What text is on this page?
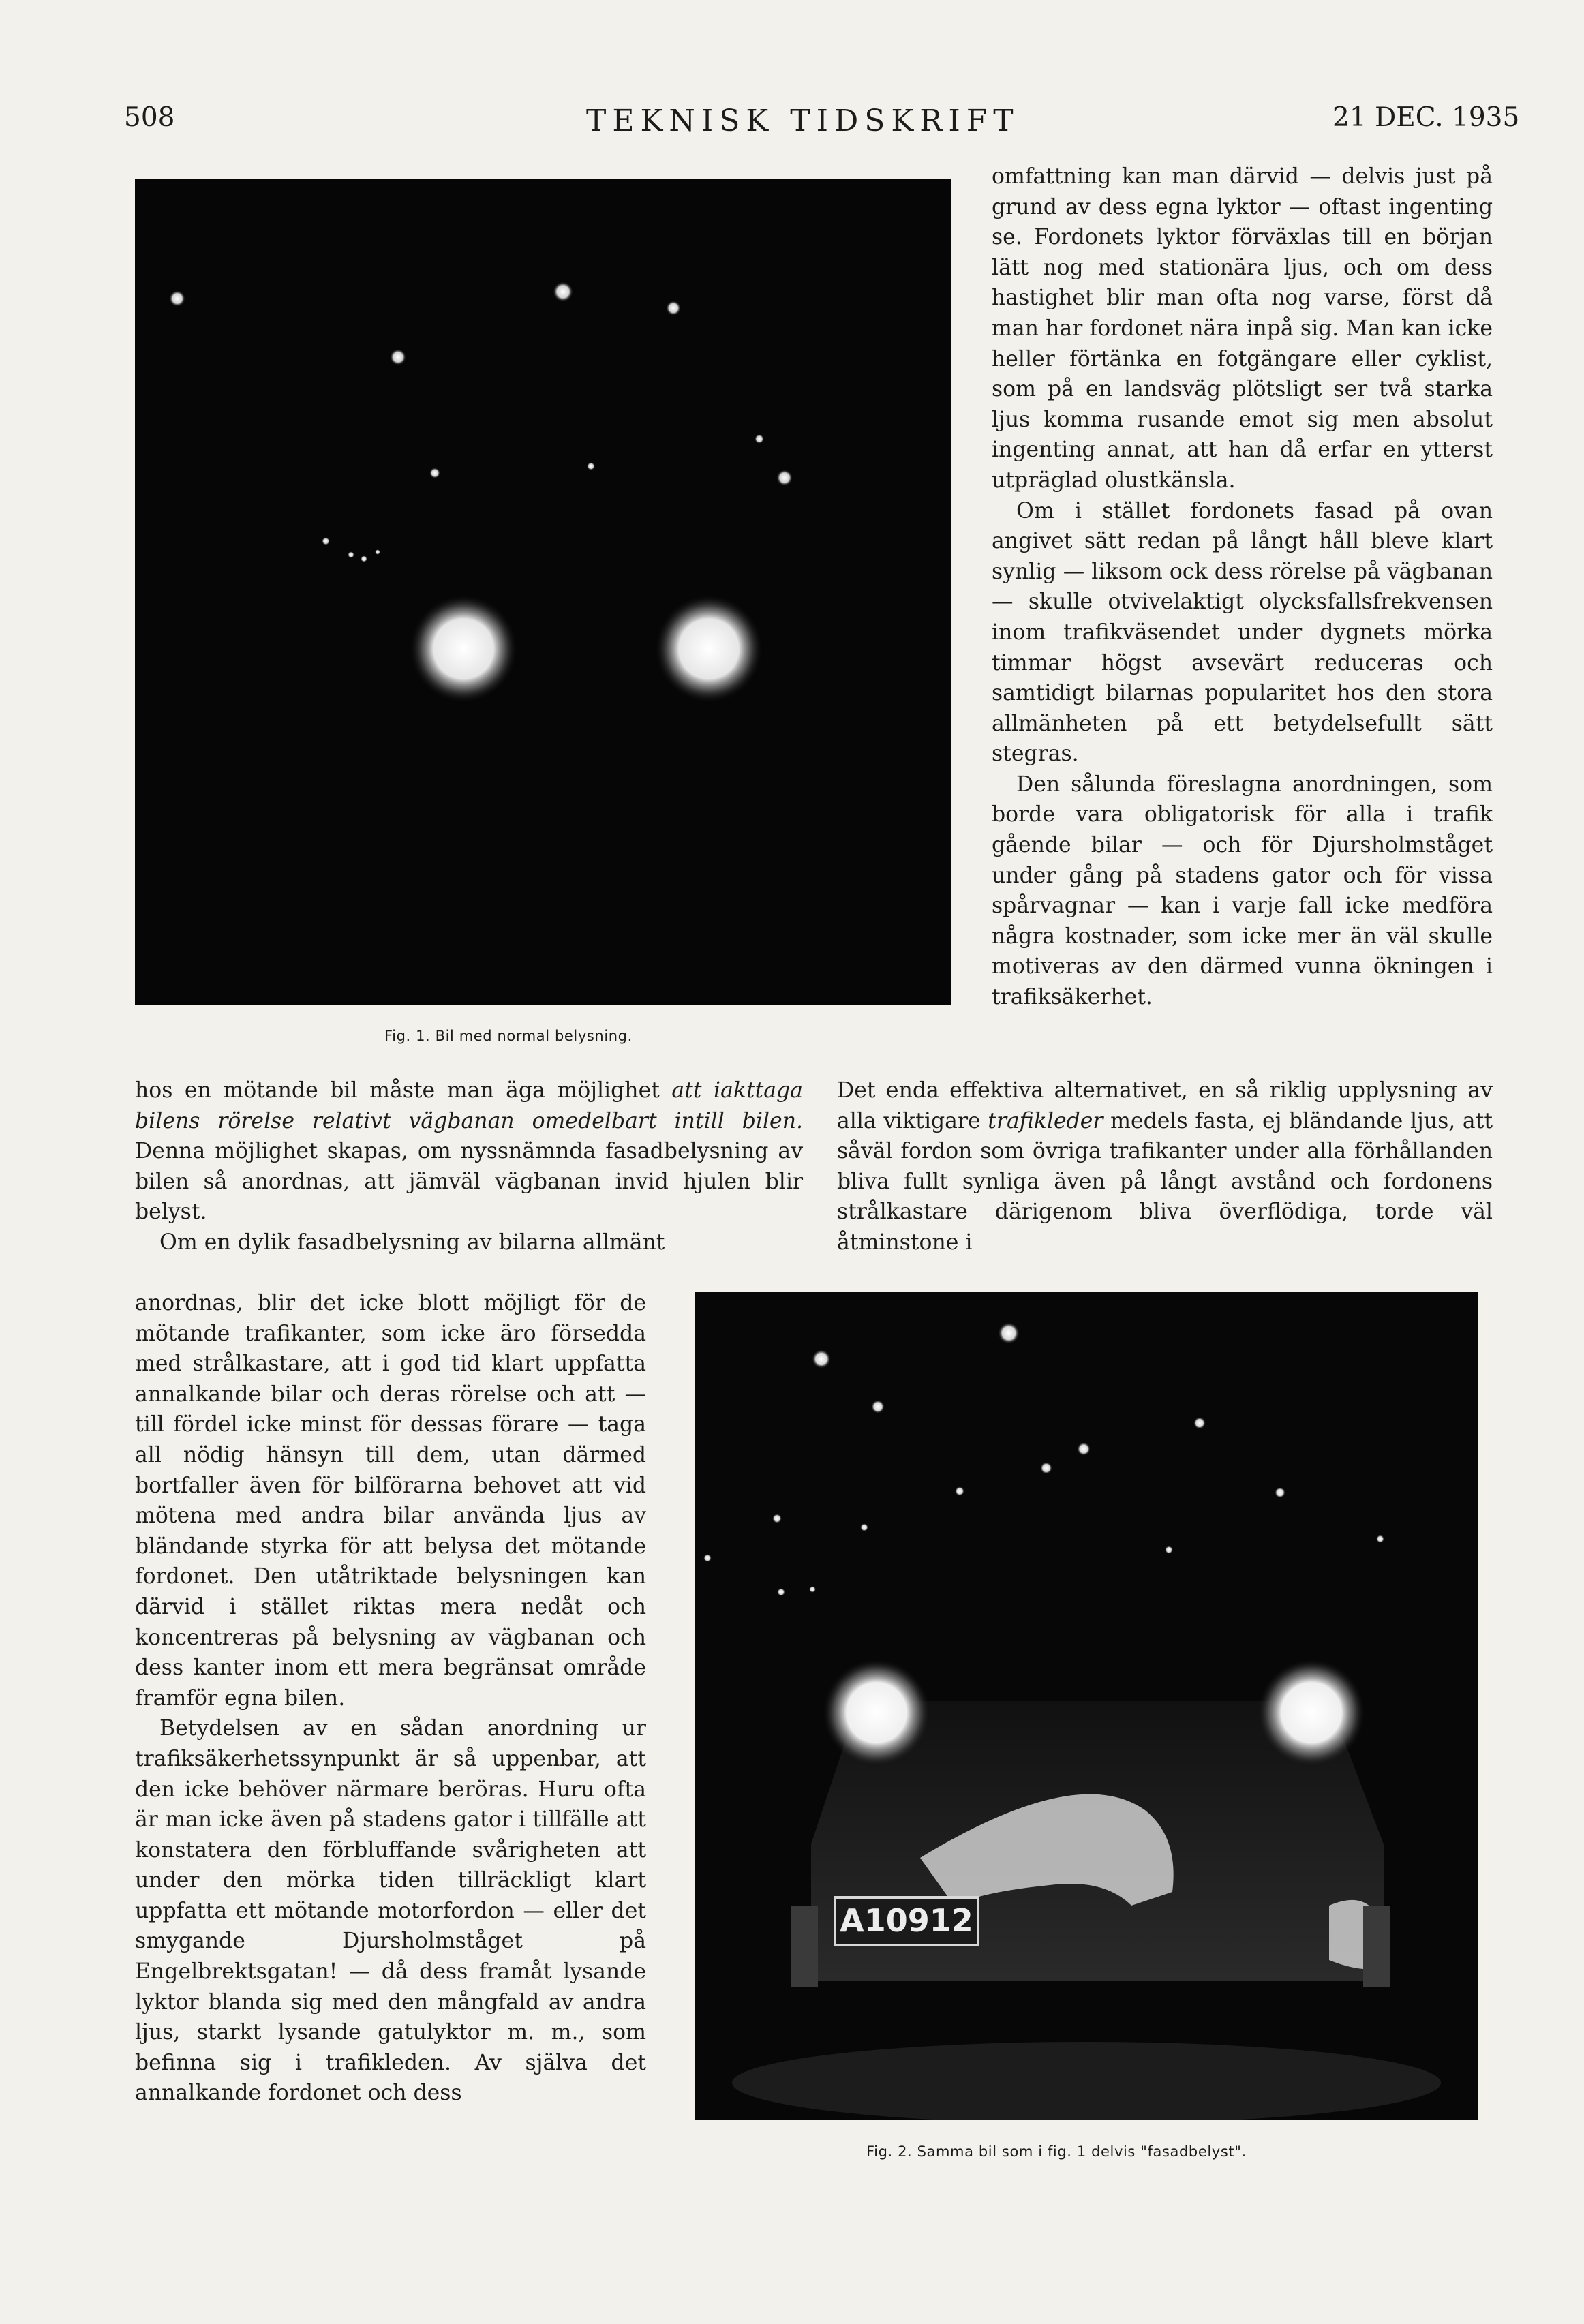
508	TEKNISK TIDSKRIFT	21 DEC. 1935
Fig. 1. Bil med normal belysning.

omfattning kan man därvid — delvis just på grund av dess egna lyktor — oftast ingenting se. Fordonets lyktor förväxlas till en början lätt nog med stationära ljus, och om dess hastighet blir man ofta nog varse, först då man har fordonet nära inpå sig. Man kan icke heller förtänka en fotgängare eller cyklist, som på en landsväg plötsligt ser två starka ljus komma rusande emot sig men absolut ingenting annat, att han då erfar en ytterst utpräglad olustkänsla.

Om i stället fordonets fasad på ovan angivet sätt redan på långt håll bleve klart synlig — liksom ock dess rörelse på vägbanan — skulle otvivelaktigt olycksfallsfrekvensen inom trafikväsendet under dygnets mörka timmar högst avsevärt reduceras och samtidigt bilarnas popularitet hos den stora allmänheten på ett betydelsefullt sätt stegras.

Den sålunda föreslagna anordningen, som borde vara obligatorisk för alla i trafik gående bilar — och för Djursholmståget under gång på stadens gator och för vissa spårvagnar — kan i varje fall icke medföra några kostnader, som icke mer än väl skulle motiveras av den därmed vunna ökningen i trafiksäkerhet.

Det enda effektiva alternativet, en så riklig upplysning av alla viktigare trafikleder medels fasta, ej bländande ljus, att såväl fordon som övriga trafikanter under alla förhållanden bliva fullt synliga även på långt avstånd och fordonens strålkastare därigenom bliva överflödiga, torde väl åtminstone i

hos en mötande bil måste man äga möjlighet att iakttaga bilens rörelse relativt vägbanan omedelbart intill bilen. Denna möjlighet skapas, om nyssnämnda fasadbelysning av bilen så anordnas, att jämväl vägbanan invid hjulen blir belyst.

Om en dylik fasadbelysning av bilarna allmänt

anordnas, blir det icke blott möjligt för de mötande trafikanter, som icke äro försedda med strålkastare, att i god tid klart uppfatta annalkande bilar och deras rörelse och att — till fördel icke minst för dessas förare — taga all nödig hänsyn till dem, utan därmed bortfaller även för bilförarna behovet att vid mötena med andra bilar använda ljus av bländande styrka för att belysa det mötande fordonet. Den utåtriktade belysningen kan därvid i stället riktas mera nedåt och koncentreras på belysning av vägbanan och dess kanter inom ett mera begränsat område framför egna bilen.

Betydelsen av en sådan anordning ur trafiksäkerhetssynpunkt är så uppenbar, att den icke behöver närmare beröras. Huru ofta är man icke även på stadens gator i tillfälle att konstatera den förbluffande svårigheten att under den mörka tiden tillräckligt klart uppfatta ett mötande motorfordon — eller det smygande Djursholmståget på Engelbrektsgatan! — då dess framåt lysande lyktor blanda sig med den mångfald av andra ljus, starkt lysande gatulyktor m. m., som befinna sig i trafikleden. Av själva det annalkande fordonet och dess

A10912
Fig. 2. Samma bil som i fig. 1 delvis "fasadbelyst".
